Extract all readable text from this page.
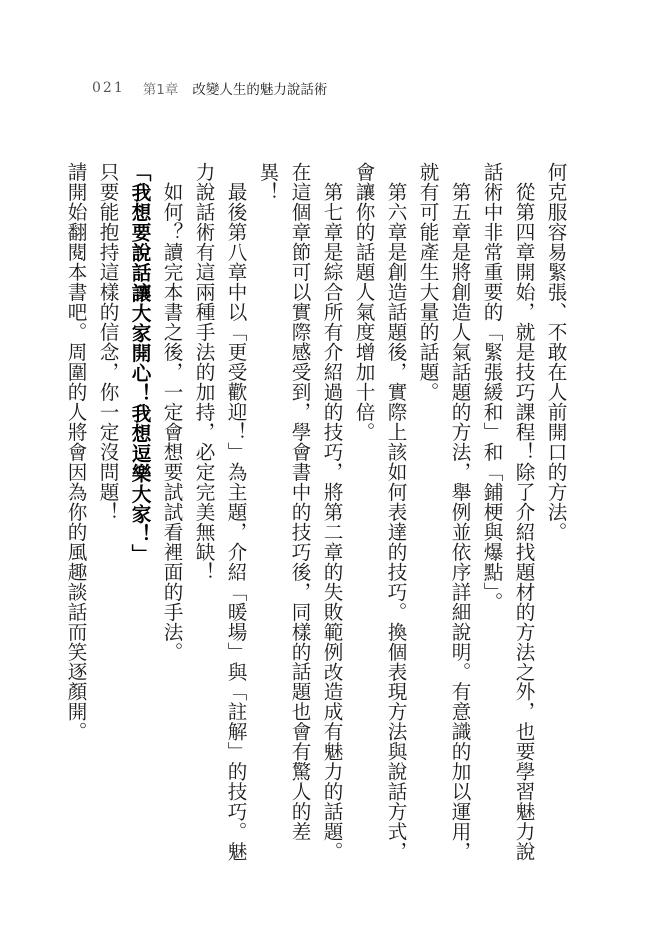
021 第1章 改變人生的魅力說話術

何克服容易緊張、不敢在人前開口的方法。

從第四章開始，就是技巧課程！除了介紹找題材的方法之外，也要學習魅力說話術中非常重要的「緊張緩和」和「鋪梗與爆點」。

第五章是將創造人氣話題的方法，舉例並依序詳細說明。有意識的加以運用，就有可能產生大量的話題。

第六章是創造話題後，實際上該如何表達的技巧。換個表現方法與說話方式，會讓你的話題人氣度增加十倍。

第七章是綜合所有介紹過的技巧，將第二章的失敗範例改造成有魅力的話題。在這個章節可以實際感受到，學會書中的技巧後，同樣的話題也會有驚人的差異！

最後第八章中以「更受歡迎！」為主題，介紹「暖場」與「註解」的技巧。魅力說話術有這兩種手法的加持，必定完美無缺！

如何？讀完本書之後，一定會想要試試看裡面的手法。

「我想要說話讓大家開心！我想逗樂大家！」

只要能抱持這樣的信念，你一定沒問題！

請開始翻閱本書吧。周圍的人將會因為你的風趣談話而笑逐顏開。
